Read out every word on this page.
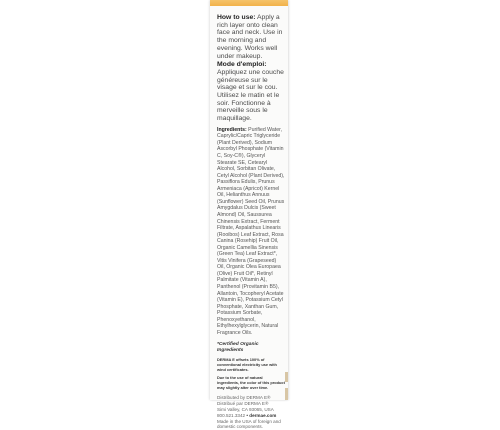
How to use: Apply a rich layer onto clean face and neck. Use in the morning and evening. Works well under makeup.
Mode d'emploi:
Appliquez une couche généreuse sur le visage et sur le cou. Utilisez le matin et le soir. Fonctionne à merveille sous le maquillage.
Ingredients: Purified Water, Caprylic/Capric Triglyceride (Plant Derived), Sodium Ascorbyl Phosphate (Vitamin C, Soy-C®), Glyceryl Stearate SE, Cetearyl Alcohol, Sorbitan Olivate, Cetyl Alcohol (Plant Derived), Passiflora Edulis, Prunus Armeniaca (Apricot) Kernel Oil, Helianthus Annuus (Sunflower) Seed Oil, Prunus Amygdalus Dulcis (Sweet Almond) Oil, Saussurea Chinensis Extract, Ferment Filtrate, Aspalathus Linearis (Rooibos) Leaf Extract, Rosa Canina (Rosehip) Fruit Oil, Organic Camellia Sinensis (Green Tea) Leaf Extract*, Vitis Vinifera (Grapeseed) Oil, Organic Olea Europaea (Olive) Fruit Oil*, Retinyl Palmitate (Vitamin A), Panthenol (Provitamin B5), Allantoin, Tocopheryl Acetate (Vitamin E), Potassium Cetyl Phosphate, Xanthan Gum, Potassium Sorbate, Phenoxyethanol, Ethylhexylglycerin, Natural Fragrance Oils.
*Certified Organic Ingredients
DERMA E offsets 100% of conventional electricity use with wind certificates.
Due to the use of natural ingredients, the color of this product may slightly alter over time.
Distributed by DERMA E®
Distribué par DERMA E®
Simi Valley, CA 93065, USA
800.521.3342 • dermae.com
Made in the USA of foreign and domestic components.
